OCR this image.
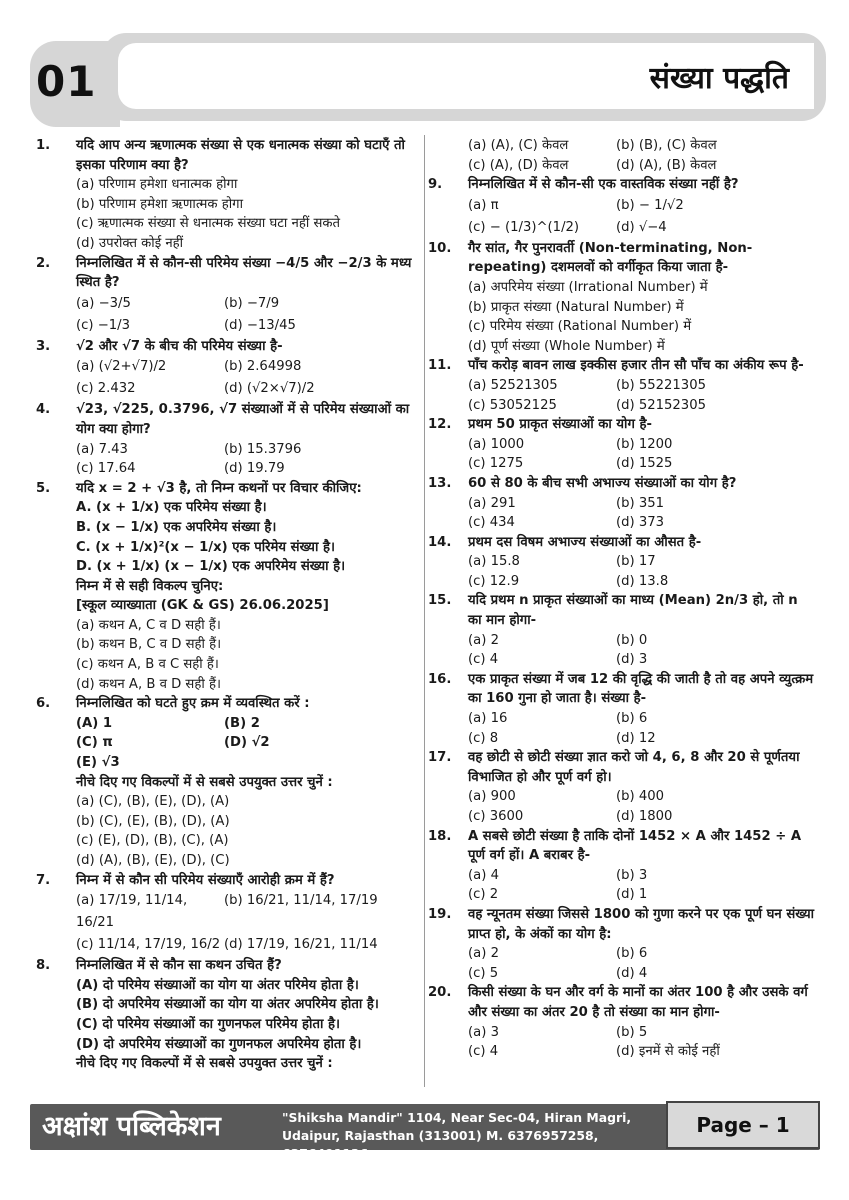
01	संख्या पद्धति
1.	यदि आप अन्य ऋणात्मक संख्या से एक धनात्मक संख्या को घटाएँ तो इसका परिणाम क्या है?
(a) परिणाम हमेशा धनात्मक होगा
(b) परिणाम हमेशा ऋणात्मक होगा
(c) ऋणात्मक संख्या से धनात्मक संख्या घटा नहीं सकते
(d) उपरोक्त कोई नहीं
2.	निम्नलिखित में से कौन-सी परिमेय संख्या −4/5 और −2/3 के मध्य स्थित है?
(a) −3/5	(b) −7/9
(c) −1/3	(d) −13/45
3.	√2 और √7 के बीच की परिमेय संख्या है-
(a) (√2+√7)/2	(b) 2.64998
(c) 2.432	(d) (√2×√7)/2
4.	√23, √225, 0.3796, √7 संख्याओं में से परिमेय संख्याओं का योग क्या होगा?
(a) 7.43	(b) 15.3796
(c) 17.64	(d) 19.79
5.	यदि x = 2 + √3 है, तो निम्न कथनों पर विचार कीजिए:
A. (x + 1/x) एक परिमेय संख्या है।
B. (x − 1/x) एक अपरिमेय संख्या है।
C. (x + 1/x)²(x − 1/x) एक परिमेय संख्या है।
D. (x + 1/x) (x − 1/x) एक अपरिमेय संख्या है।
निम्न में से सही विकल्प चुनिए:
[स्कूल व्याख्याता (GK & GS) 26.06.2025]
(a) कथन A, C व D सही हैं।
(b) कथन B, C व D सही हैं।
(c) कथन A, B व C सही हैं।
(d) कथन A, B व D सही हैं।
6.	निम्नलिखित को घटते हुए क्रम में व्यवस्थित करें :
(A) 1	(B) 2
(C) π	(D) √2
(E) √3
नीचे दिए गए विकल्पों में से सबसे उपयुक्त उत्तर चुनें :
(a) (C), (B), (E), (D), (A)
(b) (C), (E), (B), (D), (A)
(c) (E), (D), (B), (C), (A)
(d) (A), (B), (E), (D), (C)
7.	निम्न में से कौन सी परिमेय संख्याएँ आरोही क्रम में हैं?
(a) 17/19, 11/14, 16/21
(b) 16/21, 11/14, 17/19
(c) 11/14, 17/19, 16/2 (d) 17/19, 16/21, 11/14
8.	निम्नलिखित में से कौन सा कथन उचित हैं?
(A) दो परिमेय संख्याओं का योग या अंतर परिमेय होता है।
(B) दो अपरिमेय संख्याओं का योग या अंतर अपरिमेय होता है।
(C) दो परिमेय संख्याओं का गुणनफल परिमेय होता है।
(D) दो अपरिमेय संख्याओं का गुणनफल अपरिमेय होता है।
नीचे दिए गए विकल्पों में से सबसे उपयुक्त उत्तर चुनें :
(a) (A), (C) केवल	(b) (B), (C) केवल
(c) (A), (D) केवल	(d) (A), (B) केवल
9.	निम्नलिखित में से कौन-सी एक वास्तविक संख्या नहीं है?
(a) π	(b) − 1/√2
(c) − (1/3)^(1/2)	(d) √−4
10.	गैर सांत, गैर पुनरावर्ती (Non-terminating, Non-repeating) दशमलवों को वर्गीकृत किया जाता है-
(a) अपरिमेय संख्या (Irrational Number) में
(b) प्राकृत संख्या (Natural Number) में
(c) परिमेय संख्या (Rational Number) में
(d) पूर्ण संख्या (Whole Number) में
11.	पाँच करोड़ बावन लाख इक्कीस हजार तीन सौ पाँच का अंकीय रूप है-
(a) 52521305	(b) 55221305
(c) 53052125	(d) 52152305
12.	प्रथम 50 प्राकृत संख्याओं का योग है-
(a) 1000	(b) 1200
(c) 1275	(d) 1525
13.	60 से 80 के बीच सभी अभाज्य संख्याओं का योग है?
(a) 291	(b) 351
(c) 434	(d) 373
14.	प्रथम दस विषम अभाज्य संख्याओं का औसत है-
(a) 15.8	(b) 17
(c) 12.9	(d) 13.8
15.	यदि प्रथम n प्राकृत संख्याओं का माध्य (Mean) 2n/3 हो, तो n का मान होगा-
(a) 2	(b) 0
(c) 4	(d) 3
16.	एक प्राकृत संख्या में जब 12 की वृद्धि की जाती है तो वह अपने व्युत्क्रम का 160 गुना हो जाता है। संख्या है-
(a) 16	(b) 6
(c) 8	(d) 12
17.	वह छोटी से छोटी संख्या ज्ञात करो जो 4, 6, 8 और 20 से पूर्णतया विभाजित हो और पूर्ण वर्ग हो।
(a) 900	(b) 400
(c) 3600	(d) 1800
18.	A सबसे छोटी संख्या है ताकि दोनों 1452 × A और 1452 ÷ A पूर्ण वर्ग हों। A बराबर है-
(a) 4	(b) 3
(c) 2	(d) 1
19.	वह न्यूनतम संख्या जिससे 1800 को गुणा करने पर एक पूर्ण घन संख्या प्राप्त हो, के अंकों का योग है:
(a) 2	(b) 6
(c) 5	(d) 4
20.	किसी संख्या के घन और वर्ग के मानों का अंतर 100 है और उसके वर्ग और संख्या का अंतर 20 है तो संख्या का मान होगा-
(a) 3	(b) 5
(c) 4	(d) इनमें से कोई नहीं
अक्षांश पब्लिकेशन	"Shiksha Mandir" 1104, Near Sec-04, Hiran Magri,
Udaipur, Rajasthan (313001) M. 6376957258, 6376491126
Page – 1
